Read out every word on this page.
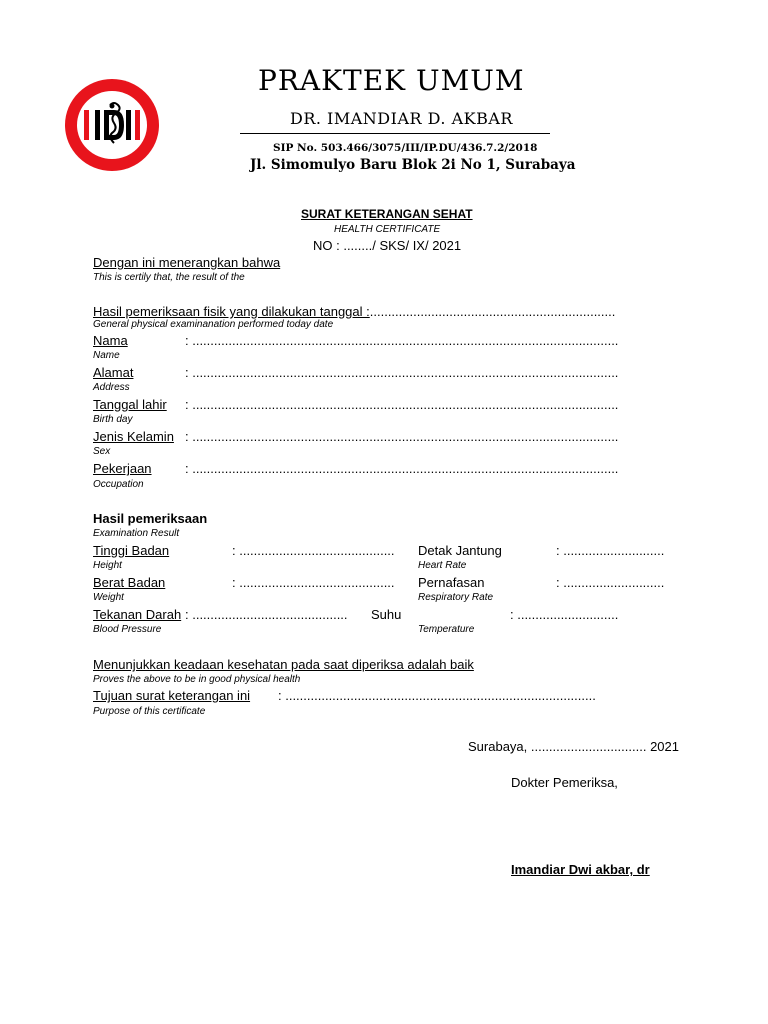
PRAKTEK UMUM
DR. IMANDIAR D. AKBAR
SIP No. 503.466/3075/III/IP.DU/436.7.2/2018
Jl. Simomulyo Baru Blok 2i No 1, Surabaya
SURAT KETERANGAN SEHAT
HEALTH CERTIFICATE
NO : ......../ SKS/ IX/ 2021
Dengan ini menerangkan bahwa
This is certily that, the result of the
Hasil pemeriksaan fisik yang dilakukan tanggal :....................................................................
General physical examinanation performed today date
Nama	: ......................................................................................................................
Name
Alamat	: ......................................................................................................................
Address
Tanggal lahir : ......................................................................................................................
Birth day
Jenis Kelamin : ......................................................................................................................
Sex
Pekerjaan	: ......................................................................................................................
Occupation
Hasil pemeriksaan
Examination Result
Tinggi Badan	: ...........................................
Height
Detak Jantung	: ............................
Heart Rate
Berat Badan	: ...........................................
Weight
Pernafasan	: ............................
Respiratory Rate
Tekanan Darah : ...........................................
Blood Pressure
Suhu	: ............................
Temperature
Menunjukkan keadaan kesehatan pada saat diperiksa adalah baik
Proves the above to be in good physical health
Tujuan surat keterangan ini : ......................................................................................
Purpose of this certificate
Surabaya, ................................ 2021
Dokter Pemeriksa,
Imandiar Dwi akbar, dr
